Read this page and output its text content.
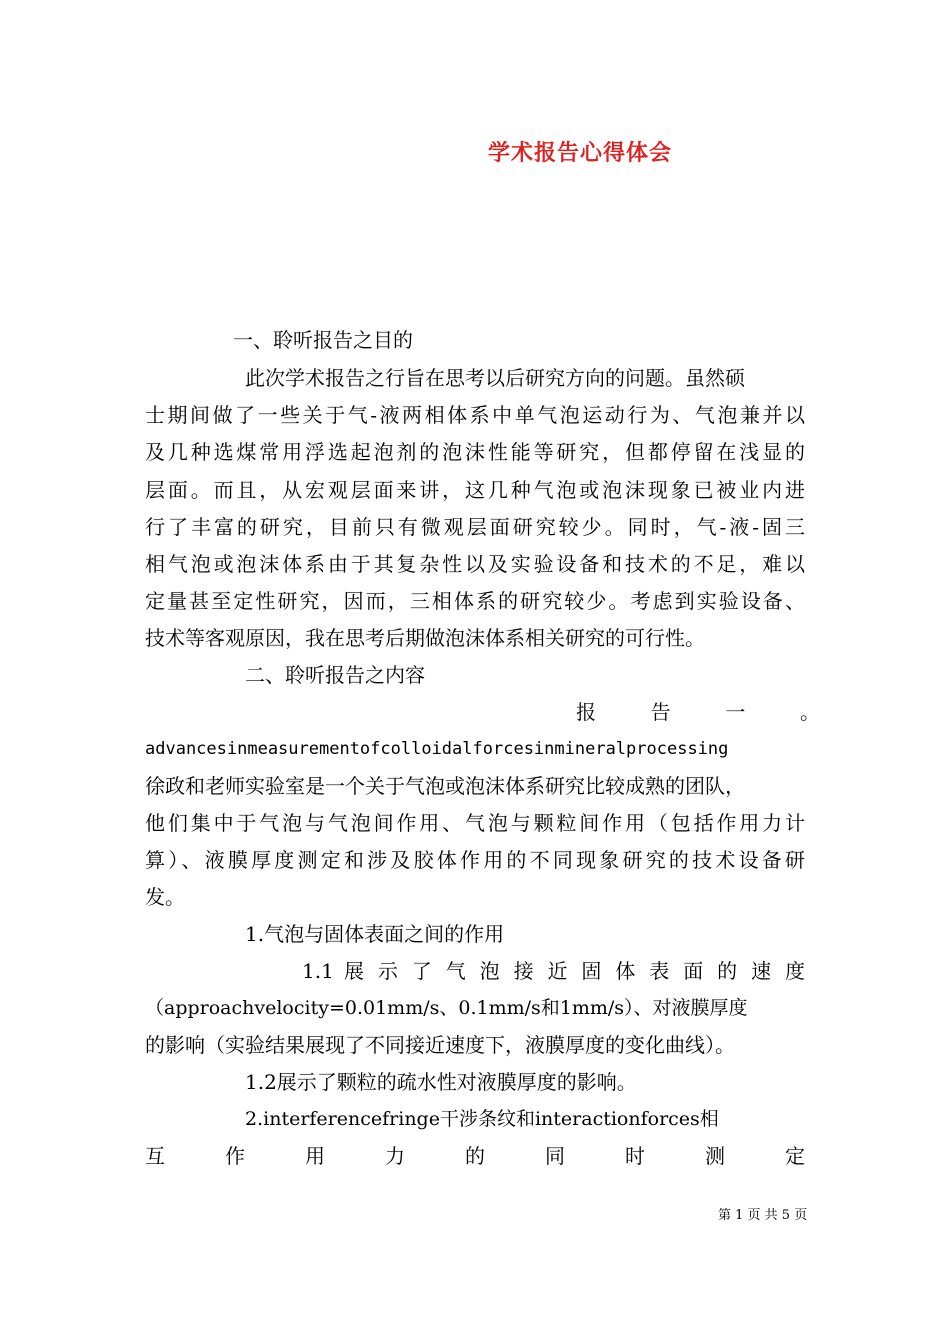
学术报告心得体会
一、聆听报告之目的
此次学术报告之行旨在思考以后研究方向的问题。虽然硕
士期间做了一些关于气-液两相体系中单气泡运动行为、气泡兼并以
及几种选煤常用浮选起泡剂的泡沫性能等研究，但都停留在浅显的
层面。而且，从宏观层面来讲，这几种气泡或泡沫现象已被业内进
行了丰富的研究，目前只有微观层面研究较少。同时，气-液-固三
相气泡或泡沫体系由于其复杂性以及实验设备和技术的不足，难以
定量甚至定性研究，因而，三相体系的研究较少。考虑到实验设备、
技术等客观原因，我在思考后期做泡沫体系相关研究的可行性。
二、聆听报告之内容
报 告 一 。
advancesinmeasurementofcolloidalforcesinmineralprocessing
徐政和老师实验室是一个关于气泡或泡沫体系研究比较成熟的团队，
他们集中于气泡与气泡间作用、气泡与颗粒间作用（包括作用力计
算）、液膜厚度测定和涉及胶体作用的不同现象研究的技术设备研
发。
1.气泡与固体表面之间的作用
1.1 展 示 了 气 泡 接 近 固 体 表 面 的 速 度
（approachvelocity=0.01mm/s、0.1mm/s和1mm/s）、对液膜厚度
的影响（实验结果展现了不同接近速度下，液膜厚度的变化曲线）。
1.2展示了颗粒的疏水性对液膜厚度的影响。
2.interferencefringe干涉条纹和interactionforces相
互 作 用 力 的 同 时 测 定
第 1 页 共 5 页
